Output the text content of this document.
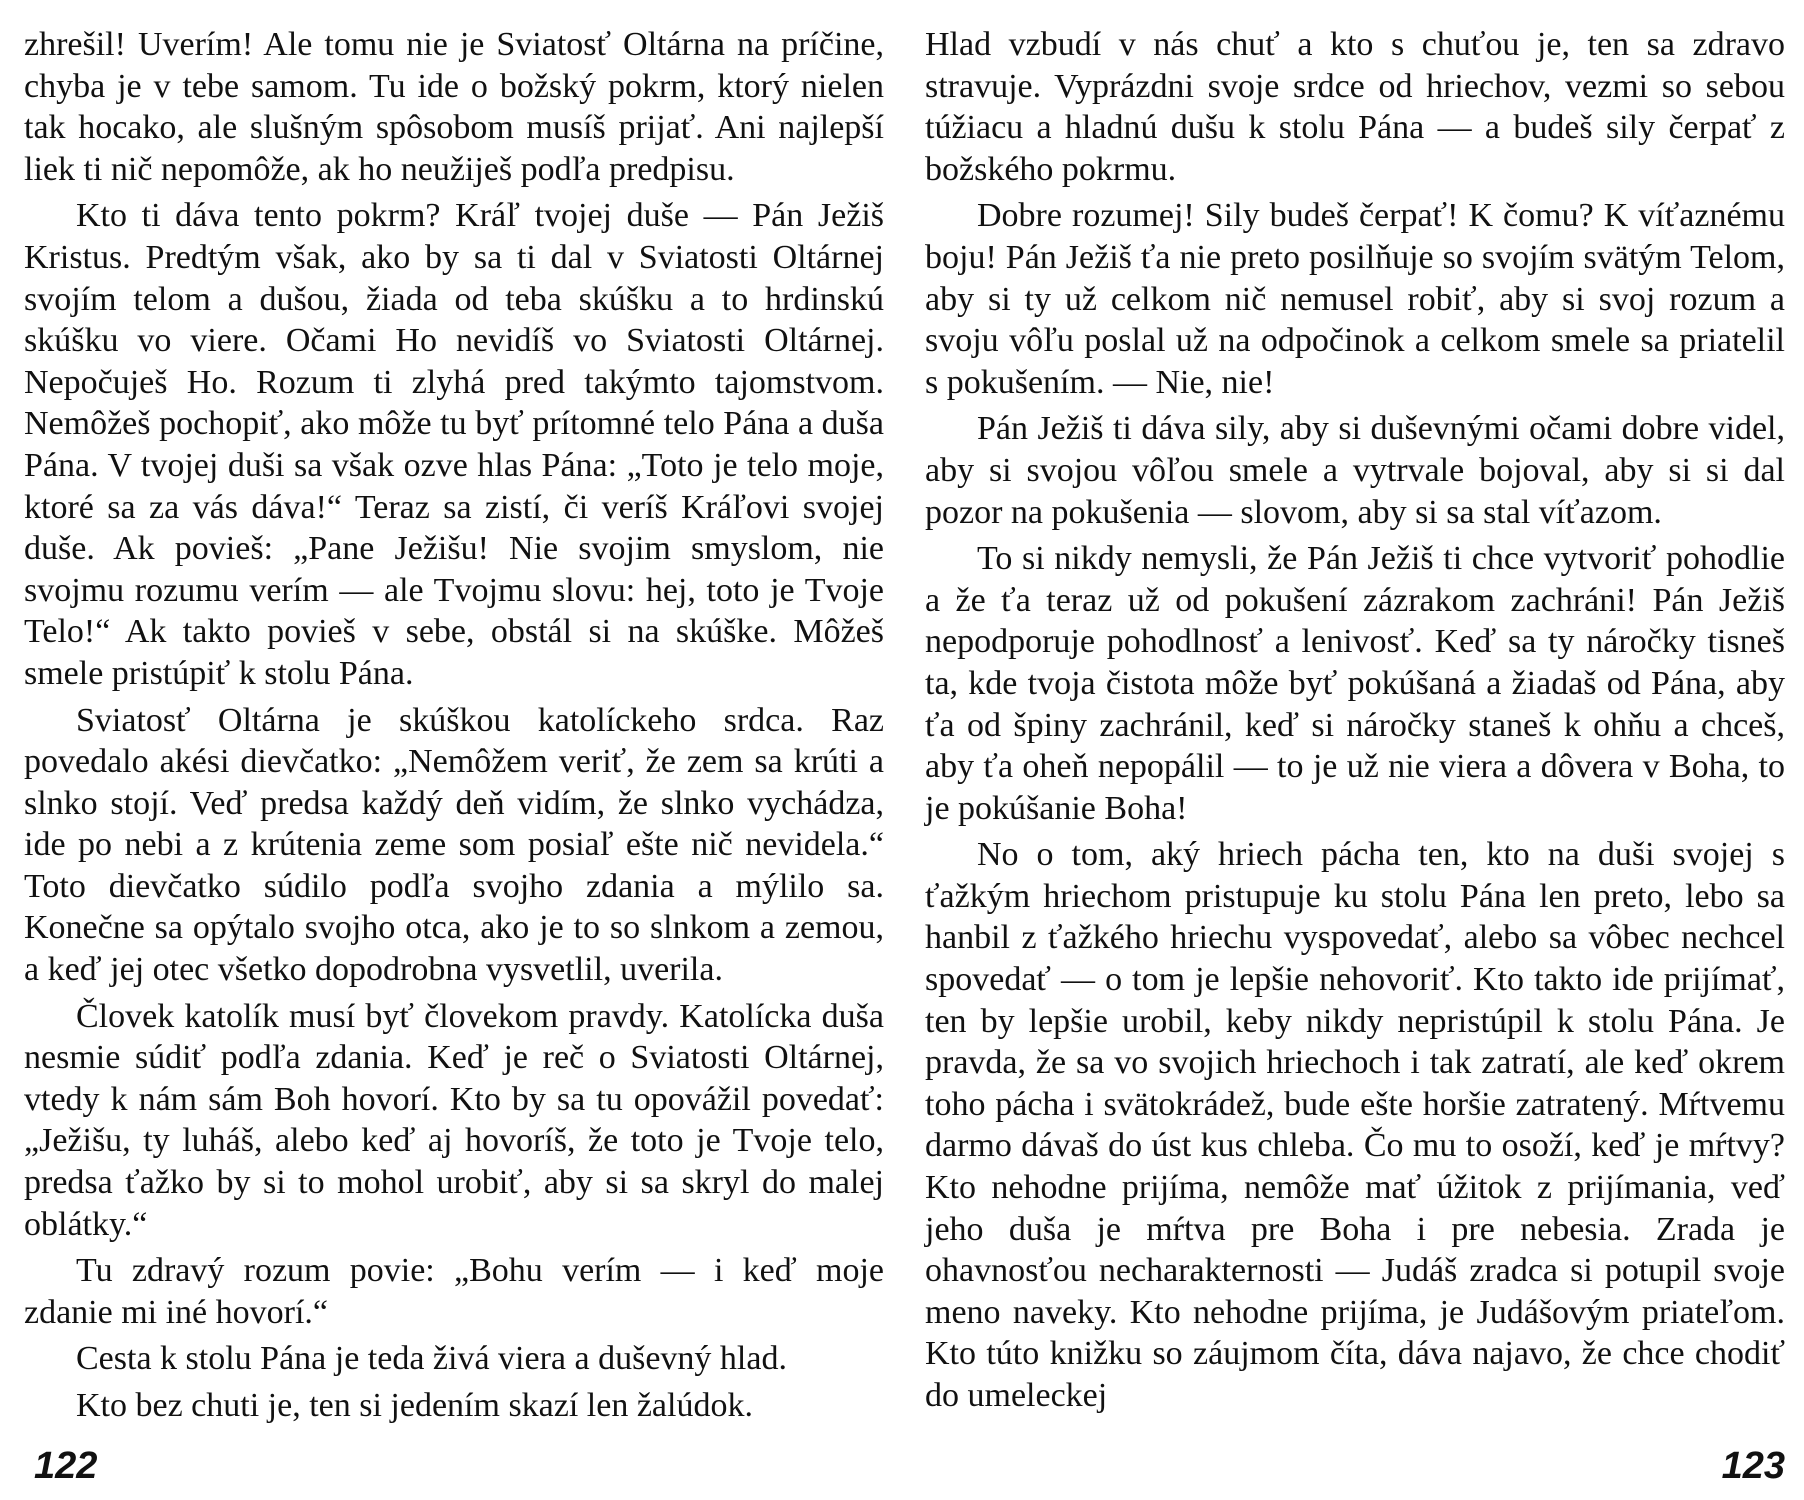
zhrešil! Uverím! Ale tomu nie je Sviatosť Oltárna na príčine, chyba je v tebe samom. Tu ide o božský pokrm, ktorý nielen tak hocako, ale slušným spôsobom musíš prijať. Ani najlepší liek ti nič nepomôže, ak ho neužiješ podľa predpisu.

Kto ti dáva tento pokrm? Kráľ tvojej duše — Pán Ježiš Kristus. Predtým však, ako by sa ti dal v Sviatosti Oltárnej svojím telom a dušou, žiada od teba skúšku a to hrdinskú skúšku vo viere. Očami Ho nevidíš vo Sviatosti Oltárnej. Nepočuješ Ho. Rozum ti zlyhá pred takýmto tajomstvom. Nemôžeš pochopiť, ako môže tu byť prítomné telo Pána a duša Pána. V tvojej duši sa však ozve hlas Pána: „Toto je telo moje, ktoré sa za vás dáva!“ Teraz sa zistí, či veríš Kráľovi svojej duše. Ak povieš: „Pane Ježišu! Nie svojim smyslom, nie svojmu rozumu verím — ale Tvojmu slovu: hej, toto je Tvoje Telo!“ Ak takto povieš v sebe, obstál si na skúške. Môžeš smele pristúpiť k stolu Pána.

Sviatosť Oltárna je skúškou katolíckeho srdca. Raz povedalo akési dievčatko: „Nemôžem veriť, že zem sa krúti a slnko stojí. Veď predsa každý deň vidím, že slnko vychádza, ide po nebi a z krútenia zeme som posiaľ ešte nič nevidela.“ Toto dievčatko súdilo podľa svojho zdania a mýlilo sa. Konečne sa opýtalo svojho otca, ako je to so slnkom a zemou, a keď jej otec všetko dopodrobna vysvetlil, uverila.

Človek katolík musí byť človekom pravdy. Katolícka duša nesmie súdiť podľa zdania. Keď je reč o Sviatosti Oltárnej, vtedy k nám sám Boh hovorí. Kto by sa tu opovážil povedať: „Ježišu, ty luháš, alebo keď aj hovoríš, že toto je Tvoje telo, predsa ťažko by si to mohol urobiť, aby si sa skryl do malej oblátky.“

Tu zdravý rozum povie: „Bohu verím — i keď moje zdanie mi iné hovorí.“

Cesta k stolu Pána je teda živá viera a duševný hlad.

Kto bez chuti je, ten si jedením skazí len žalúdok.

122

Hlad vzbudí v nás chuť a kto s chuťou je, ten sa zdravo stravuje. Vyprázdni svoje srdce od hriechov, vezmi so sebou túžiacu a hladnú dušu k stolu Pána — a budeš sily čerpať z božského pokrmu.

Dobre rozumej! Sily budeš čerpať! K čomu? K víťaznému boju! Pán Ježiš ťa nie preto posilňuje so svojím svätým Telom, aby si ty už celkom nič nemusel robiť, aby si svoj rozum a svoju vôľu poslal už na odpočinok a celkom smele sa priatelil s pokušením. — Nie, nie!

Pán Ježiš ti dáva sily, aby si duševnými očami dobre videl, aby si svojou vôľou smele a vytrvale bojoval, aby si si dal pozor na pokušenia — slovom, aby si sa stal víťazom.

To si nikdy nemysli, že Pán Ježiš ti chce vytvoriť pohodlie a že ťa teraz už od pokušení zázrakom zachráni! Pán Ježiš nepodporuje pohodlnosť a lenivosť. Keď sa ty náročky tisneš ta, kde tvoja čistota môže byť pokúšaná a žiadaš od Pána, aby ťa od špiny zachránil, keď si náročky staneš k ohňu a chceš, aby ťa oheň nepopálil — to je už nie viera a dôvera v Boha, to je pokúšanie Boha!

No o tom, aký hriech pácha ten, kto na duši svojej s ťažkým hriechom pristupuje ku stolu Pána len preto, lebo sa hanbil z ťažkého hriechu vyspovedať, alebo sa vôbec nechcel spovedať — o tom je lepšie nehovoriť. Kto takto ide prijímať, ten by lepšie urobil, keby nikdy nepristúpil k stolu Pána. Je pravda, že sa vo svojich hriechoch i tak zatratí, ale keď okrem toho pácha i svätokrádež, bude ešte horšie zatratený. Mŕtvemu darmo dávaš do úst kus chleba. Čo mu to osoží, keď je mŕtvy? Kto nehodne prijíma, nemôže mať úžitok z prijímania, veď jeho duša je mŕtva pre Boha i pre nebesia. Zrada je ohavnosťou necharakternosti — Judáš zradca si potupil svoje meno naveky. Kto nehodne prijíma, je Judášovým priateľom. Kto túto knižku so záujmom číta, dáva najavo, že chce chodiť do umeleckej

123
